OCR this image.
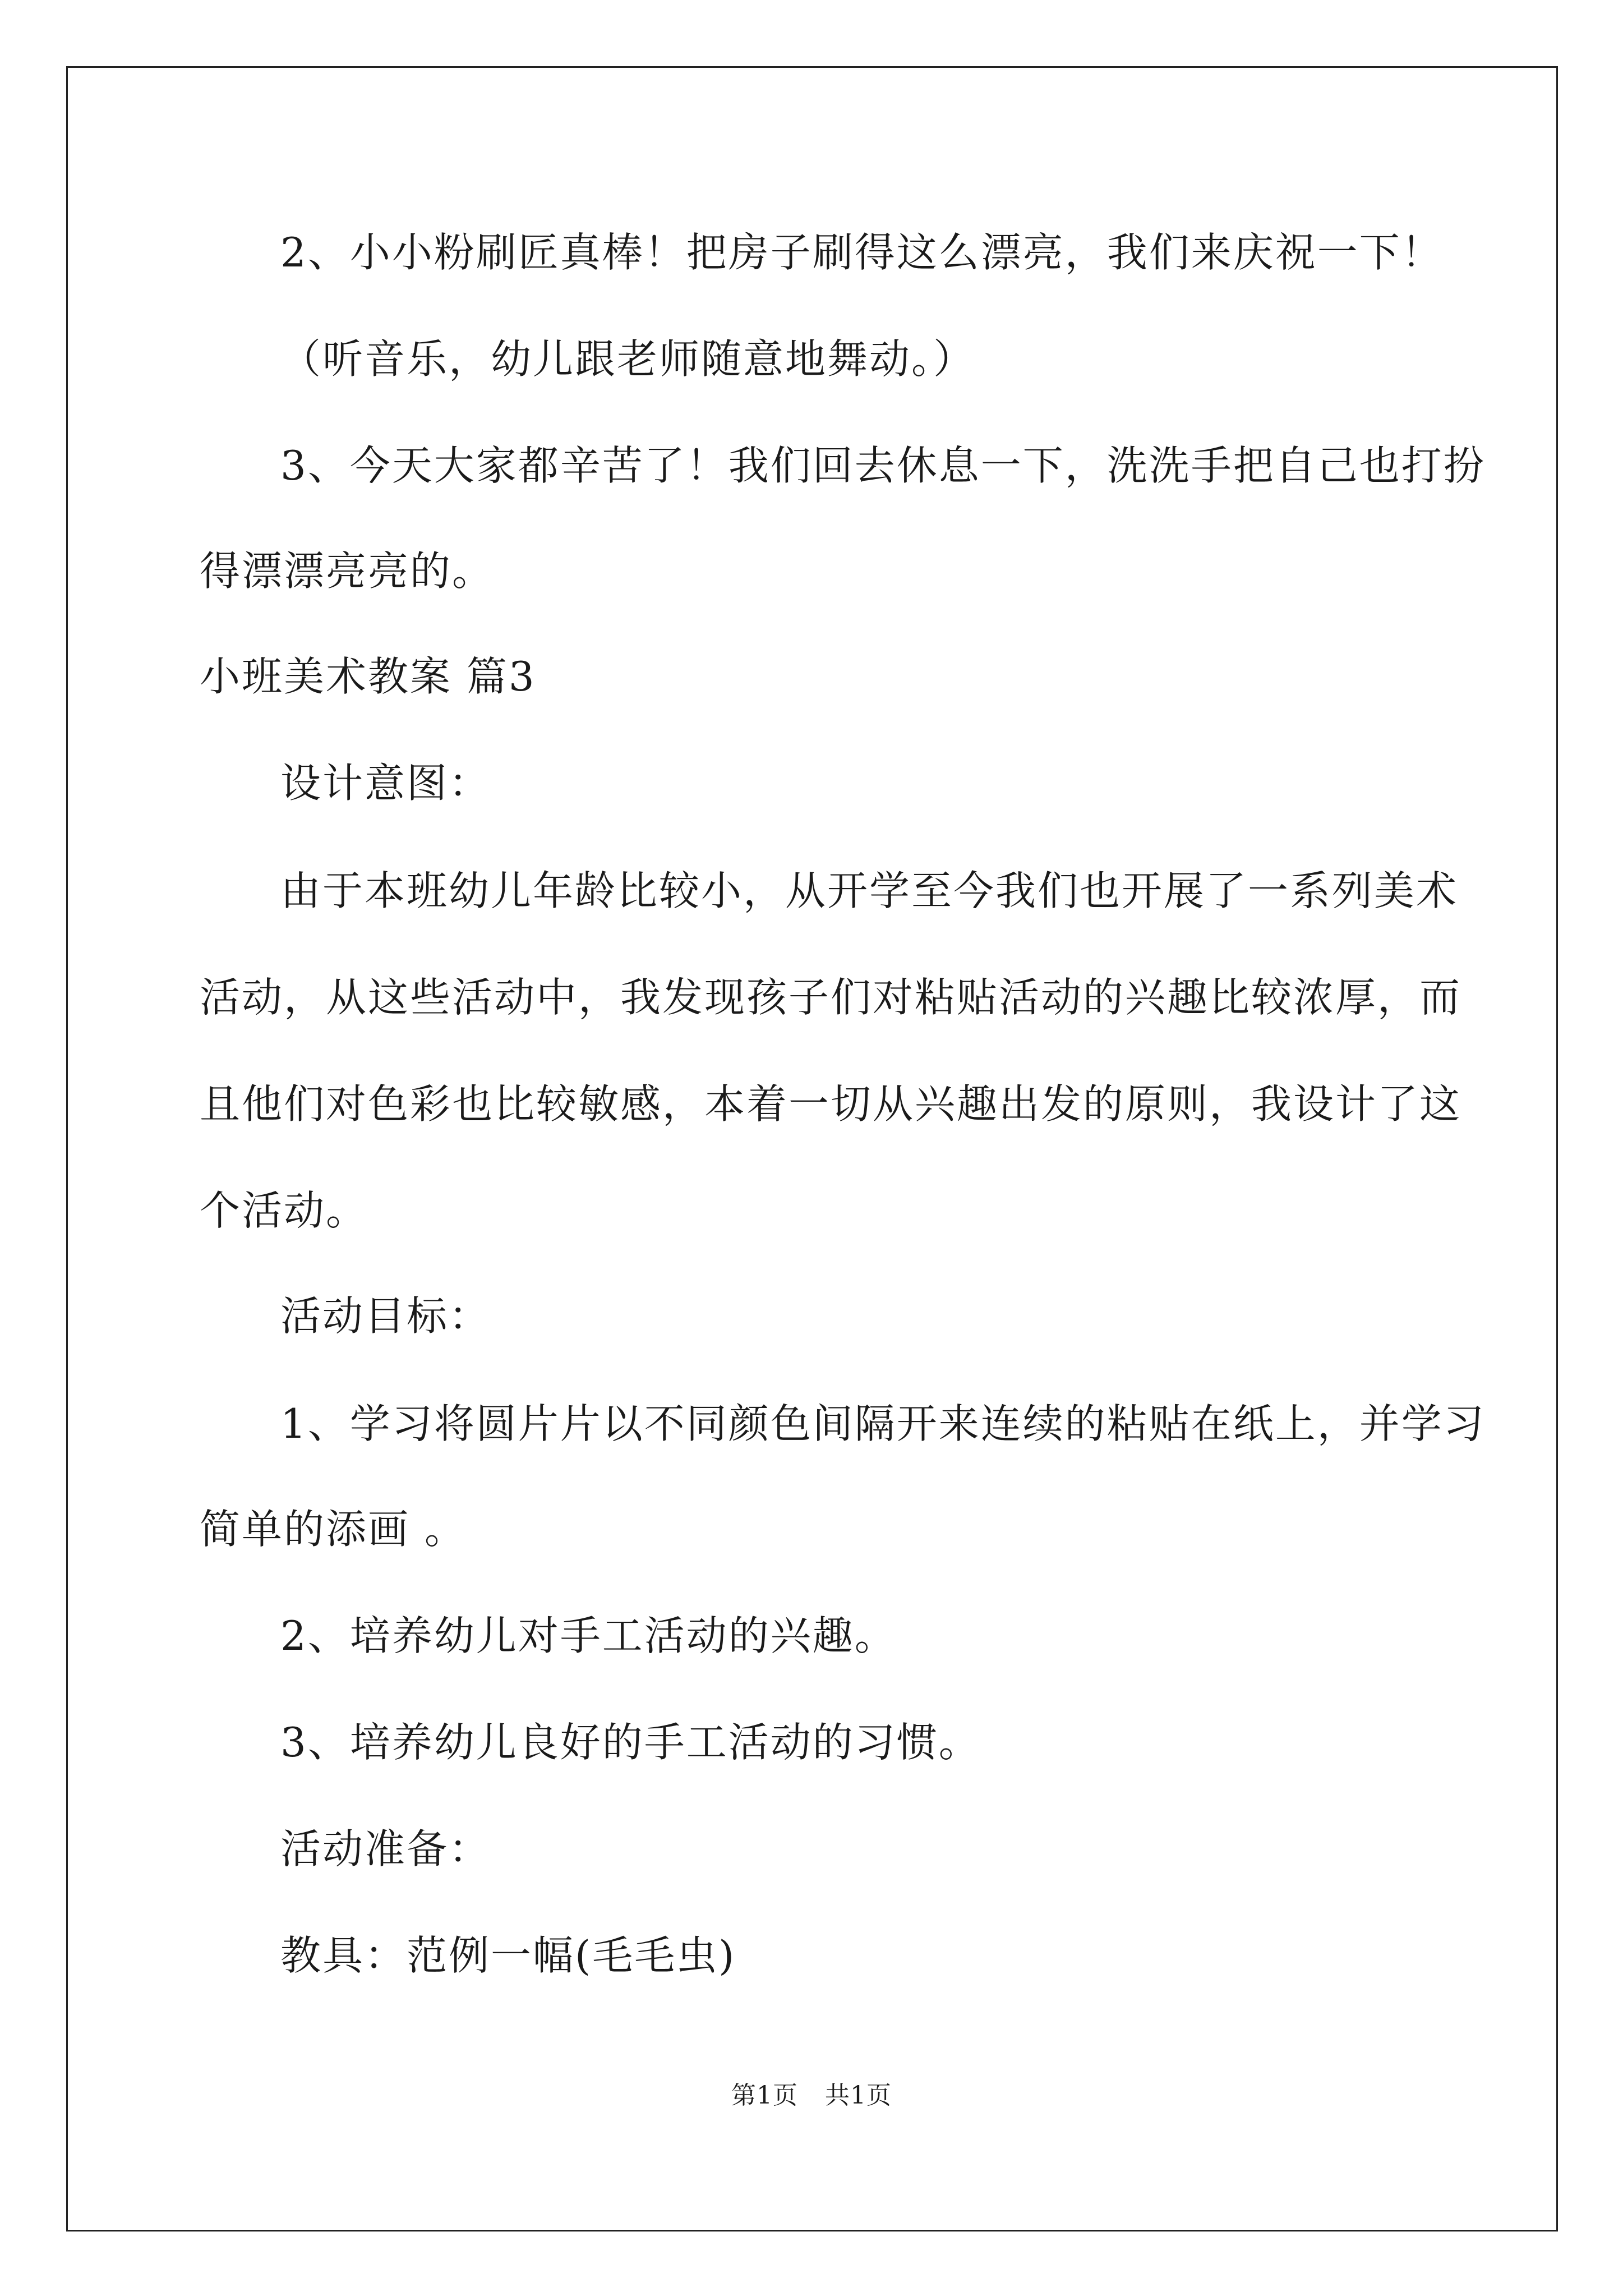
2、小小粉刷匠真棒！把房子刷得这么漂亮，我们来庆祝一下！

（听音乐，幼儿跟老师随意地舞动。）

3、今天大家都辛苦了！我们回去休息一下，洗洗手把自己也打扮

得漂漂亮亮的。

小班美术教案 篇3

设计意图：

由于本班幼儿年龄比较小，从开学至今我们也开展了一系列美术

活动，从这些活动中，我发现孩子们对粘贴活动的兴趣比较浓厚，而

且他们对色彩也比较敏感，本着一切从兴趣出发的原则，我设计了这

个活动。

活动目标：

1、学习将圆片片以不同颜色间隔开来连续的粘贴在纸上，并学习

简单的添画 。

2、培养幼儿对手工活动的兴趣。

3、培养幼儿良好的手工活动的习惯。

活动准备：

教具：范例一幅(毛毛虫)

第1页 共1页
